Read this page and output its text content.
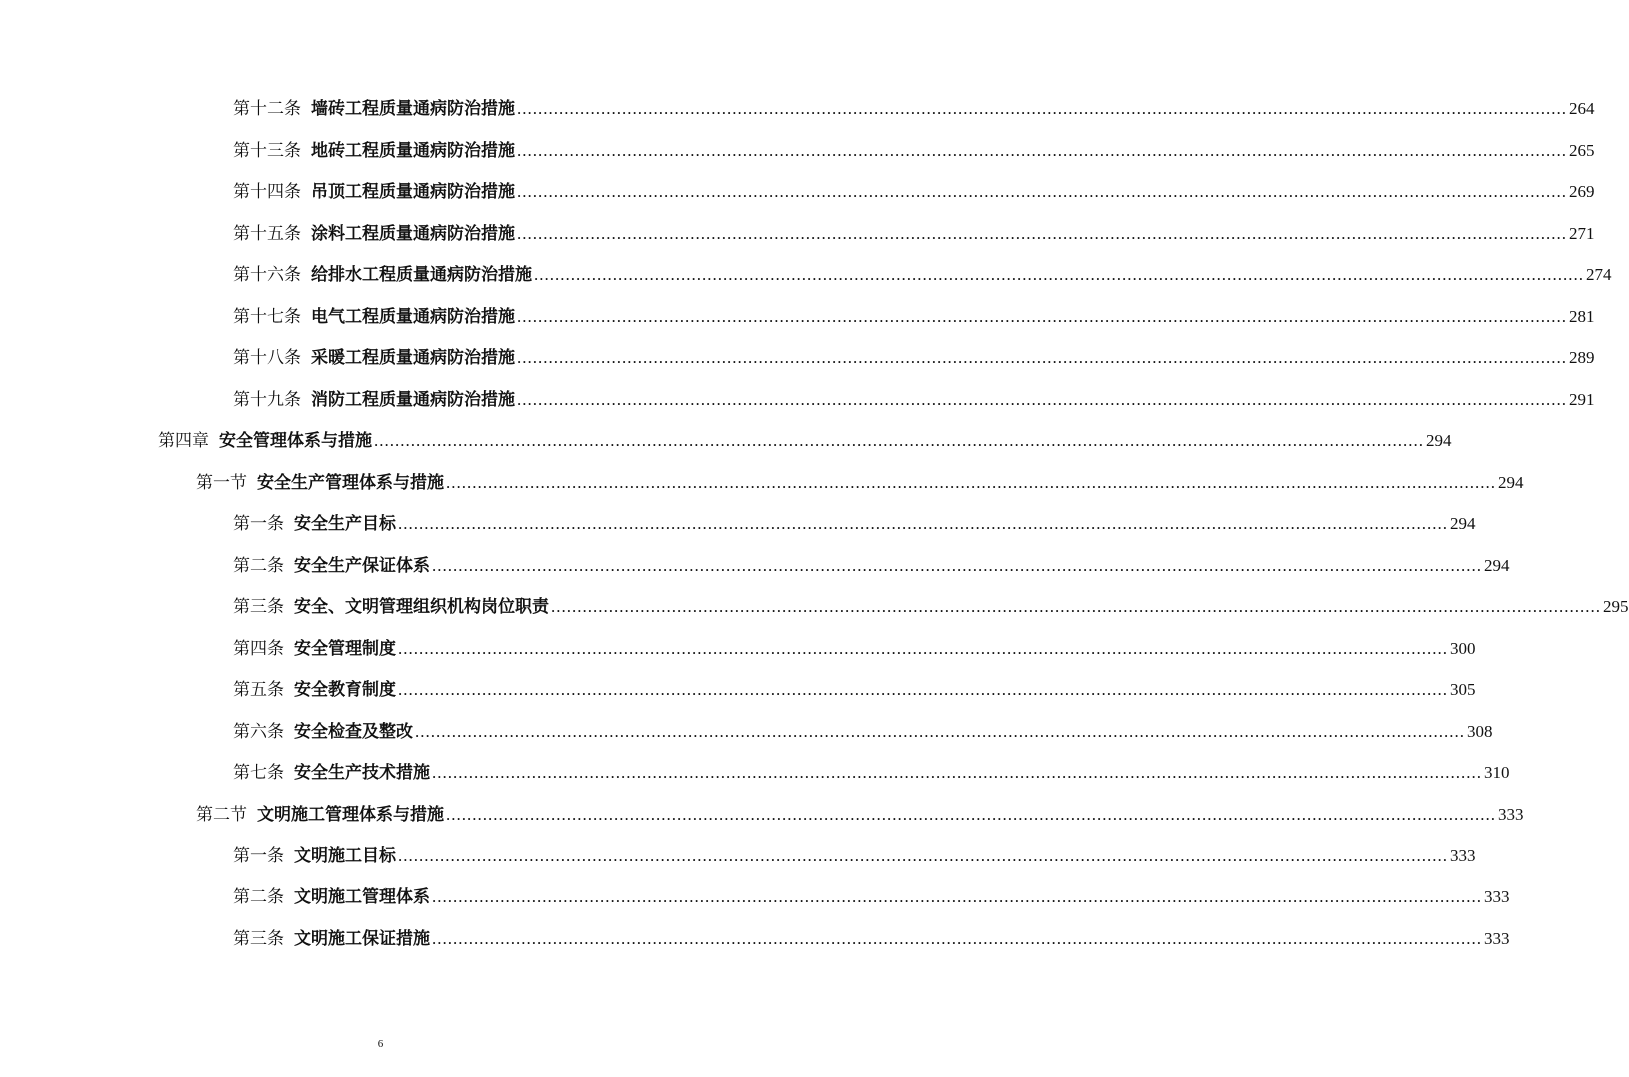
第十二条 墙砖工程质量通病防治措施 ........................................................................................................................................................................................................ 264
第十三条 地砖工程质量通病防治措施 ........................................................................................................................................................................................................ 265
第十四条 吊顶工程质量通病防治措施 ........................................................................................................................................................................................................ 269
第十五条 涂料工程质量通病防治措施 ........................................................................................................................................................................................................ 271
第十六条 给排水工程质量通病防治措施 ........................................................................................................................................................................................................ 274
第十七条 电气工程质量通病防治措施 ........................................................................................................................................................................................................ 281
第十八条 采暖工程质量通病防治措施 ........................................................................................................................................................................................................ 289
第十九条 消防工程质量通病防治措施 ........................................................................................................................................................................................................ 291
第四章 安全管理体系与措施 ........................................................................................................................................................................................................ 294
第一节 安全生产管理体系与措施 ........................................................................................................................................................................................................ 294
第一条 安全生产目标 ........................................................................................................................................................................................................ 294
第二条 安全生产保证体系 ........................................................................................................................................................................................................ 294
第三条 安全、文明管理组织机构岗位职责 ........................................................................................................................................................................................................ 295
第四条 安全管理制度 ........................................................................................................................................................................................................ 300
第五条 安全教育制度 ........................................................................................................................................................................................................ 305
第六条 安全检查及整改 ........................................................................................................................................................................................................ 308
第七条 安全生产技术措施 ........................................................................................................................................................................................................ 310
第二节 文明施工管理体系与措施 ........................................................................................................................................................................................................ 333
第一条 文明施工目标 ........................................................................................................................................................................................................ 333
第二条 文明施工管理体系 ........................................................................................................................................................................................................ 333
第三条 文明施工保证措施 ........................................................................................................................................................................................................ 333
6
